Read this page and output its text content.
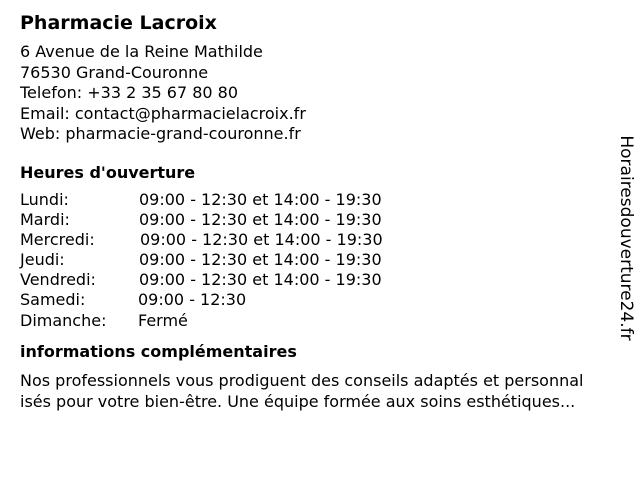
Pharmacie Lacroix
6 Avenue de la Reine Mathilde
76530 Grand-Couronne
Telefon: +33 2 35 67 80 80
Email: contact@pharmacielacroix.fr
Web: pharmacie-grand-couronne.fr
Heures d'ouverture
Lundi:	09:00 - 12:30 et 14:00 - 19:30
Mardi:	09:00 - 12:30 et 14:00 - 19:30
Mercredi:	09:00 - 12:30 et 14:00 - 19:30
Jeudi:	09:00 - 12:30 et 14:00 - 19:30
Vendredi:	09:00 - 12:30 et 14:00 - 19:30
Samedi:	09:00 - 12:30
Dimanche: Fermé
informations complémentaires
Nos professionnels vous prodiguent des conseils adaptés et personnal
isés pour votre bien-être. Une équipe formée aux soins esthétiques...
Horairesdouverture24.fr
